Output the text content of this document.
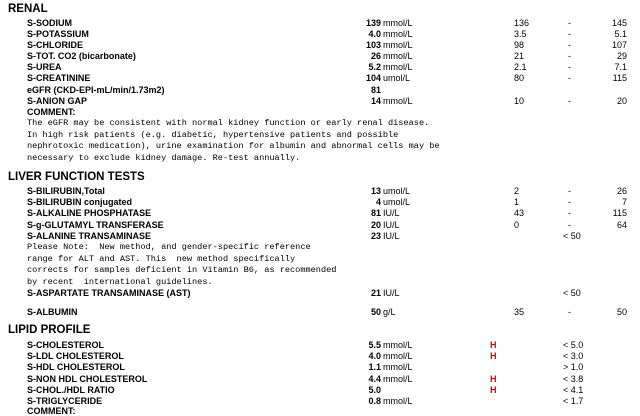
RENAL
S-SODIUM	139 mmol/L	136	-	145
S-POTASSIUM	4.0 mmol/L	3.5	-	5.1
S-CHLORIDE	103 mmol/L	98	-	107
S-TOT. CO2 (bicarbonate)	26 mmol/L	21	-	29
S-UREA	5.2 mmol/L	2.1	-	7.1
S-CREATININE	104 umol/L	80	-	115
eGFR (CKD-EPI-mL/min/1.73m2)	81
S-ANION GAP	14 mmol/L	10	-	20
COMMENT:
The eGFR may be consistent with normal kidney function or early renal disease.
In high risk patients (e.g. diabetic, hypertensive patients and possible
nephrotoxic medication), urine examination for albumin and abnormal cells may be
necessary to exclude kidney damage. Re-test annually.
LIVER FUNCTION TESTS
S-BILIRUBIN,Total	13 umol/L	2	-	26
S-BILIRUBIN conjugated	4 umol/L	1	-	7
S-ALKALINE PHOSPHATASE	81 IU/L	43	-	115
S-g-GLUTAMYL TRANSFERASE	20 IU/L	0	-	64
S-ALANINE TRANSAMINASE	23 IU/L	< 50
Please Note:  New method, and gender-specific reference
range for ALT and AST. This  new method specifically
corrects for samples deficient in Vitamin B6, as recommended
by recent  international guidelines.
S-ASPARTATE TRANSAMINASE (AST)	21 IU/L	< 50
S-ALBUMIN	50 g/L	35	-	50
LIPID PROFILE
S-CHOLESTEROL	5.5 mmol/L	H	< 5.0
S-LDL CHOLESTEROL	4.0 mmol/L	H	< 3.0
S-HDL CHOLESTEROL	1.1 mmol/L	> 1.0
S-NON HDL CHOLESTEROL	4.4 mmol/L	H	< 3.8
S-CHOL./HDL RATIO	5.0	H	< 4.1
S-TRIGLYCERIDE	0.8 mmol/L	< 1.7
COMMENT:
